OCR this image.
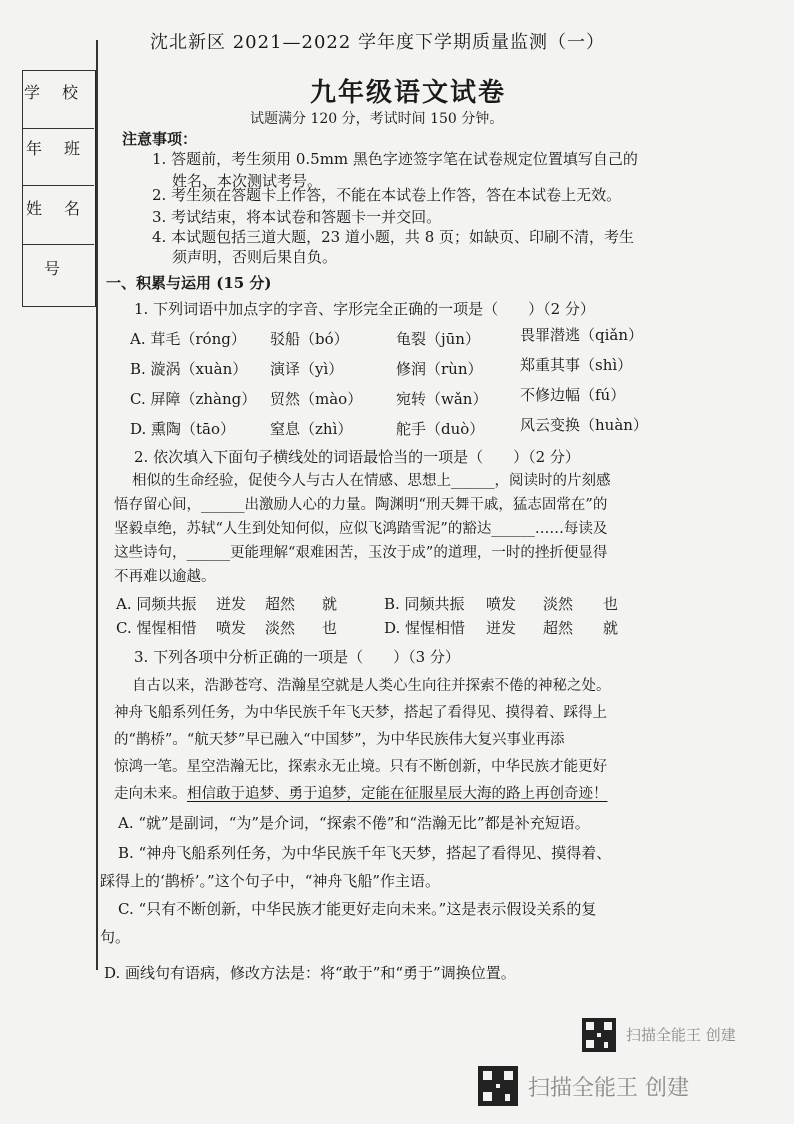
学校
年班
姓名
号
沈北新区 2021—2022 学年度下学期质量监测（一）
九年级语文试卷
试题满分 120 分，考试时间 150 分钟。
注意事项：
1. 答题前，考生须用 0.5mm 黑色字迹签字笔在试卷规定位置填写自己的
姓名、本次测试考号。
2. 考生须在答题卡上作答，不能在本试卷上作答，答在本试卷上无效。
3. 考试结束，将本试卷和答题卡一并交回。
4. 本试题包括三道大题，23 道小题，共 8 页；如缺页、印刷不清，考生
须声明，否则后果自负。
一、积累与运用 (15 分)
1. 下列词语中加点字的字音、字形完全正确的一项是（　　）（2 分）
A. 茸毛（róng） 驳船（bó）	龟裂（jūn）	畏罪潜逃（qiǎn）
B. 漩涡（xuàn） 演译（yì）	修润（rùn）	郑重其事（shì）
C. 屏障（zhàng） 贸然（mào） 宛转（wǎn） 不修边幅（fú）
D. 熏陶（tāo） 窒息（zhì）	舵手（duò） 风云变换（huàn）
2. 依次填入下面句子横线处的词语最恰当的一项是（　　）（2 分）
相似的生命经验，促使今人与古人在情感、思想上______，阅读时的片刻感
悟存留心间，______出激励人心的力量。陶渊明“刑天舞干戚，猛志固常在”的
坚毅卓绝，苏轼“人生到处知何似，应似飞鸿踏雪泥”的豁达______……每读及
这些诗句，______更能理解“艰难困苦，玉汝于成”的道理，一时的挫折便显得
不再难以逾越。
A. 同频共振 迸发 超然 就	B. 同频共振 喷发 淡然 也
C. 惺惺相惜 喷发 淡然 也	D. 惺惺相惜 迸发 超然 就
3. 下列各项中分析正确的一项是（　　）（3 分）
自古以来，浩渺苍穹、浩瀚星空就是人类心生向往并探索不倦的神秘之处。
神舟飞船系列任务，为中华民族千年飞天梦，搭起了看得见、摸得着、踩得上
的“鹊桥”。“航天梦”早已融入“中国梦”，为中华民族伟大复兴事业再添
惊鸿一笔。星空浩瀚无比，探索永无止境。只有不断创新，中华民族才能更好
走向未来。 相信敢于追梦、勇于追梦，定能在征服星辰大海的路上再创奇迹！
A. “就”是副词，“为”是介词，“探索不倦”和“浩瀚无比”都是补充短语。
B. “神舟飞船系列任务，为中华民族千年飞天梦，搭起了看得见、摸得着、
踩得上的‘鹊桥’。”这个句子中，“神舟飞船”作主语。
C. “只有不断创新，中华民族才能更好走向未来。”这是表示假设关系的复
句。
D. 画线句有语病，修改方法是：将“敢于”和“勇于”调换位置。
扫描全能王 创建
扫描全能王 创建
